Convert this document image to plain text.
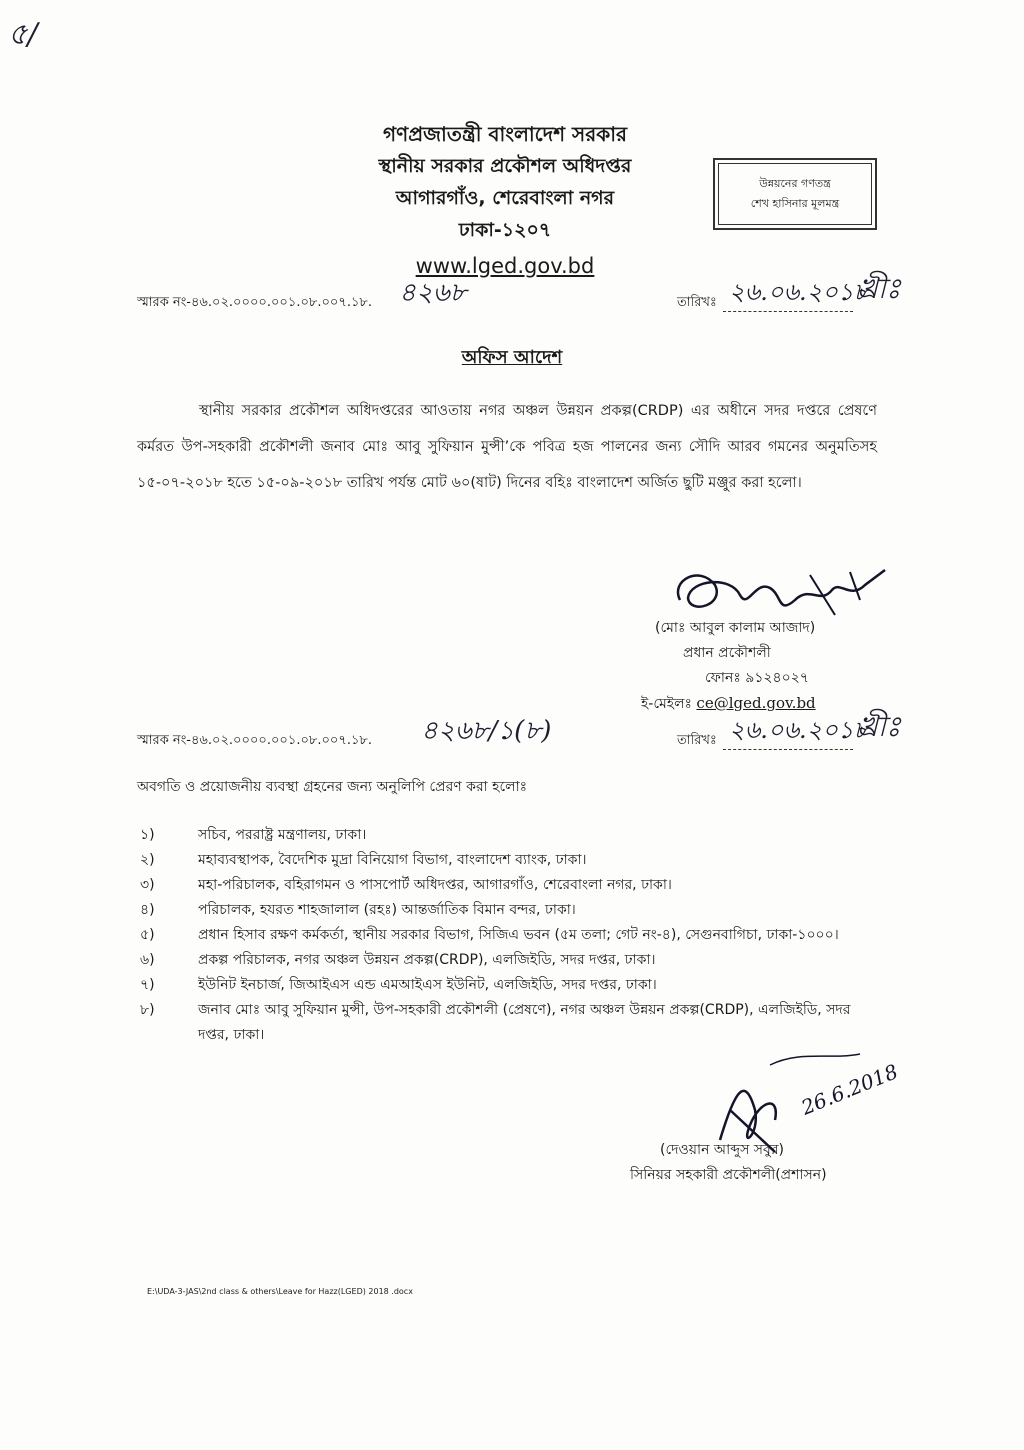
৫/
গণপ্রজাতন্ত্রী বাংলাদেশ সরকার
স্থানীয় সরকার প্রকৌশল অধিদপ্তর
আগারগাঁও, শেরেবাংলা নগর
ঢাকা-১২০৭
www.lged.gov.bd
উন্নয়নের গণতন্ত্র
শেখ হাসিনার মূলমন্ত্র
স্মারক নং-৪৬.০২.০০০০.০০১.০৮.০০৭.১৮. ৪২৬৮	তারিখঃ ২৬.০৬.২০১৮
খ্রীঃ
অফিস আদেশ
স্থানীয় সরকার প্রকৌশল অধিদপ্তরের আওতায় নগর অঞ্চল উন্নয়ন প্রকল্প(CRDP) এর অধীনে সদর দপ্তরে প্রেষণে কর্মরত উপ-সহকারী প্রকৌশলী জনাব মোঃ আবু সুফিয়ান মুন্সী’কে পবিত্র হজ পালনের জন্য সৌদি আরব গমনের অনুমতিসহ ১৫-০৭-২০১৮ হতে ১৫-০৯-২০১৮ তারিখ পর্যন্ত মোট ৬০(ষাট) দিনের বহিঃ বাংলাদেশ অর্জিত ছুটি মঞ্জুর করা হলো।
(মোঃ আবুল কালাম আজাদ)
প্রধান প্রকৌশলী
ফোনঃ ৯১২৪০২৭
ই-মেইলঃ ce@lged.gov.bd
স্মারক নং-৪৬.০২.০০০০.০০১.০৮.০০৭.১৮. ৪২৬৮/১(৮)	তারিখঃ ২৬.০৬.২০১৮
খ্রীঃ
অবগতি ও প্রয়োজনীয় ব্যবস্থা গ্রহনের জন্য অনুলিপি প্রেরণ করা হলোঃ
১)	সচিব, পররাষ্ট্র মন্ত্রণালয়, ঢাকা।
২)	মহাব্যবস্থাপক, বৈদেশিক মুদ্রা বিনিয়োগ বিভাগ, বাংলাদেশ ব্যাংক, ঢাকা।
৩)	মহা-পরিচালক, বহিরাগমন ও পাসপোর্ট অধিদপ্তর, আগারগাঁও, শেরেবাংলা নগর, ঢাকা।
৪)	পরিচালক, হযরত শাহজালাল (রহঃ) আন্তর্জাতিক বিমান বন্দর, ঢাকা।
৫)	প্রধান হিসাব রক্ষণ কর্মকর্তা, স্থানীয় সরকার বিভাগ, সিজিএ ভবন (৫ম তলা; গেট নং-৪), সেগুনবাগিচা, ঢাকা-১০০০।
৬)	প্রকল্প পরিচালক, নগর অঞ্চল উন্নয়ন প্রকল্প(CRDP), এলজিইডি, সদর দপ্তর, ঢাকা।
৭)	ইউনিট ইনচার্জ, জিআইএস এন্ড এমআইএস ইউনিট, এলজিইডি, সদর দপ্তর, ঢাকা।
৮)	জনাব মোঃ আবু সুফিয়ান মুন্সী, উপ-সহকারী প্রকৌশলী (প্রেষণে), নগর অঞ্চল উন্নয়ন প্রকল্প(CRDP), এলজিইডি, সদর দপ্তর, ঢাকা।
26.6.2018
(দেওয়ান আব্দুস সবুর)
সিনিয়র সহকারী প্রকৌশলী(প্রশাসন)
E:\UDA-3-JAS\2nd class & others\Leave for Hazz(LGED) 2018 .docx
